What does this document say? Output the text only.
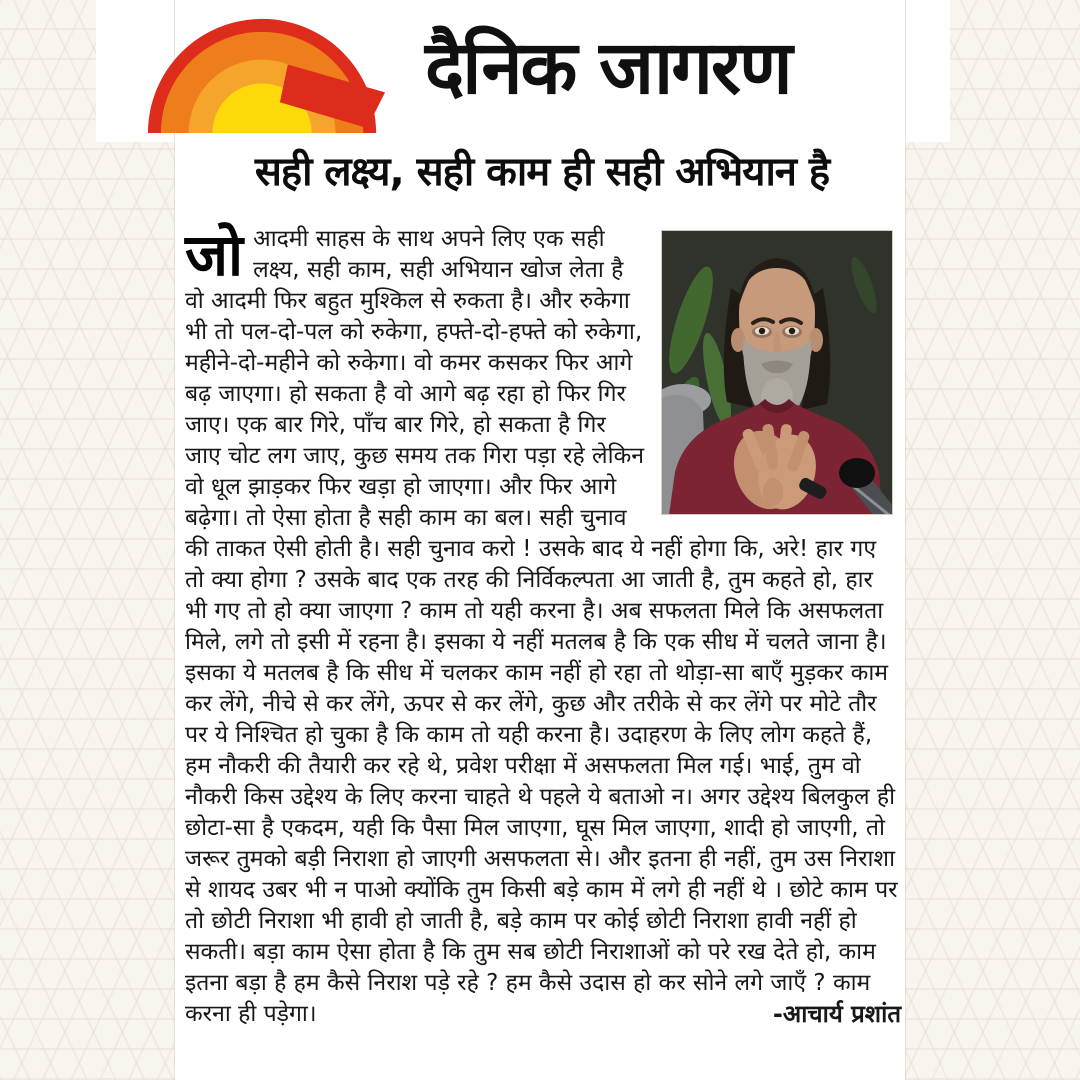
दैनिक जागरण
सही लक्ष्य, सही काम ही सही अभियान है
जोआदमी साहस के साथ अपने लिए एक सही लक्ष्य, सही काम, सही अभियान खोज लेता है वो आदमी फिर बहुत मुश्किल से रुकता है। और रुकेगा भी तो पल-दो-पल को रुकेगा, हफ्ते-दो-हफ्ते को रुकेगा, महीने-दो-महीने को रुकेगा। वो कमर कसकर फिर आगे बढ़ जाएगा। हो सकता है वो आगे बढ़ रहा हो फिर गिर जाए। एक बार गिरे, पाँच बार गिरे, हो सकता है गिर जाए चोट लग जाए, कुछ समय तक गिरा पड़ा रहे लेकिन वो धूल झाड़कर फिर खड़ा हो जाएगा। और फिर आगे बढ़ेगा। तो ऐसा होता है सही काम का बल। सही चुनाव की ताकत ऐसी होती है। सही चुनाव करो ! उसके बाद ये नहीं होगा कि, अरे! हार गए तो क्या होगा ? उसके बाद एक तरह की निर्विकल्पता आ जाती है, तुम कहते हो, हार भी गए तो हो क्या जाएगा ? काम तो यही करना है। अब सफलता मिले कि असफलता मिले, लगे तो इसी में रहना है। इसका ये नहीं मतलब है कि एक सीध में चलते जाना है। इसका ये मतलब है कि सीध में चलकर काम नहीं हो रहा तो थोड़ा-सा बाएँ मुड़कर काम कर लेंगे, नीचे से कर लेंगे, ऊपर से कर लेंगे, कुछ और तरीके से कर लेंगे पर मोटे तौर पर ये निश्चित हो चुका है कि काम तो यही करना है। उदाहरण के लिए लोग कहते हैं, हम नौकरी की तैयारी कर रहे थे, प्रवेश परीक्षा में असफलता मिल गई। भाई, तुम वो नौकरी किस उद्देश्य के लिए करना चाहते थे पहले ये बताओ न। अगर उद्देश्य बिलकुल ही छोटा-सा है एकदम, यही कि पैसा मिल जाएगा, घूस मिल जाएगा, शादी हो जाएगी, तो जरूर तुमको बड़ी निराशा हो जाएगी असफलता से। और इतना ही नहीं, तुम उस निराशा से शायद उबर भी न पाओ क्योंकि तुम किसी बड़े काम में लगे ही नहीं थे । छोटे काम पर तो छोटी निराशा भी हावी हो जाती है, बड़े काम पर कोई छोटी निराशा हावी नहीं हो सकती। बड़ा काम ऐसा होता है कि तुम सब छोटी निराशाओं को परे रख देते हो, काम इतना बड़ा है हम कैसे निराश पड़े रहे ? हम कैसे उदास हो कर सोने लगे जाएँ ? काम करना ही पड़ेगा।	-आचार्य प्रशांत
